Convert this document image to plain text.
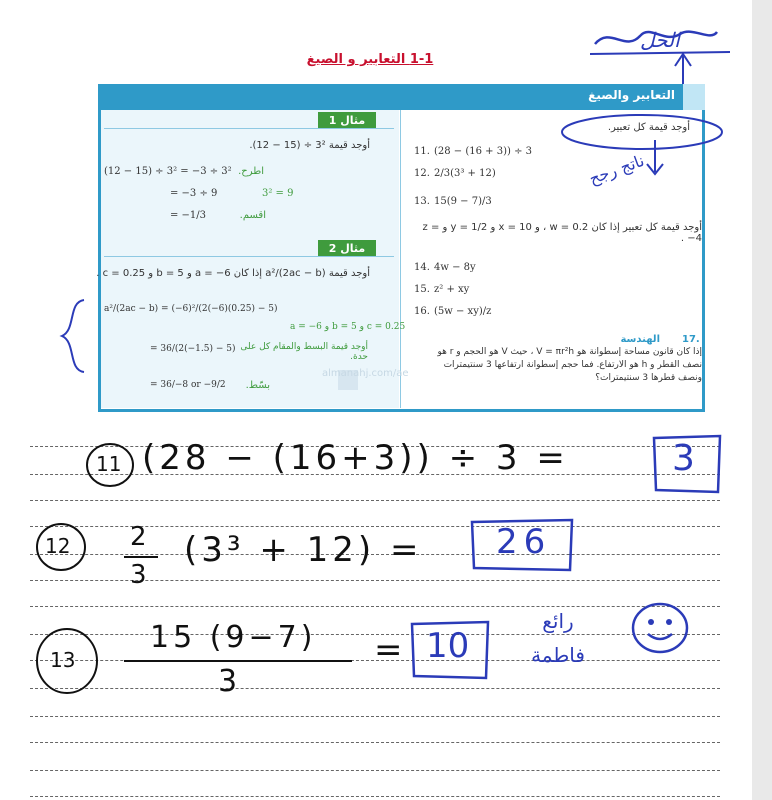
1-1 التعابير و الصيغ
الحل
التعابير والصيغ
مثال 1
أوجد قيمة 3² ÷ (15 − 12).
(12 − 15) ÷ 3² = −3 ÷ 3² اطرح.
= −3 ÷ 9	3² = 9
= −1/3	اقسم.
مثال 2
أوجد قيمة a²/(2ac − b) إذا كان a = −6 و b = 5 و c = 0.25 .
a²/(2ac − b) = (−6)²/(2(−6)(0.25) − 5)
a = −6 و b = 5 و c = 0.25
= 36/(2(−1.5) − 5) أوجد قيمة البسط والمقام كل على حدة.
= 36/−8 or −9/2 بسّط.
أوجد قيمة كل تعبير.
11. (28 − (16 + 3)) ÷ 3
12. 2/3(3³ + 12)
13. 15(9 − 7)/3
أوجد قيمة كل تعبير إذا كان w = 0.2 ، و x = 10 و y = 1/2 و z = −4 .
14. 4w − 8y
15. z² + xy
16. (5w − xy)/z
17.
الهندسة
إذا كان قانون مساحة إسطوانة هو V = πr²h ، حيث V هو الحجم و r هو نصف القطر و h هو الارتفاع. فما حجم إسطوانة ارتفاعها 3 سنتيمترات ونصف قطرها 3 سنتيمترات؟
almanahj.com/ae
ناتج رجح
11 (28 − (16+3)) ÷ 3 =	3
12 2
3
(3³ + 12) = 26
13
15 (9−7)
3
= 10
رائع فاطمة
